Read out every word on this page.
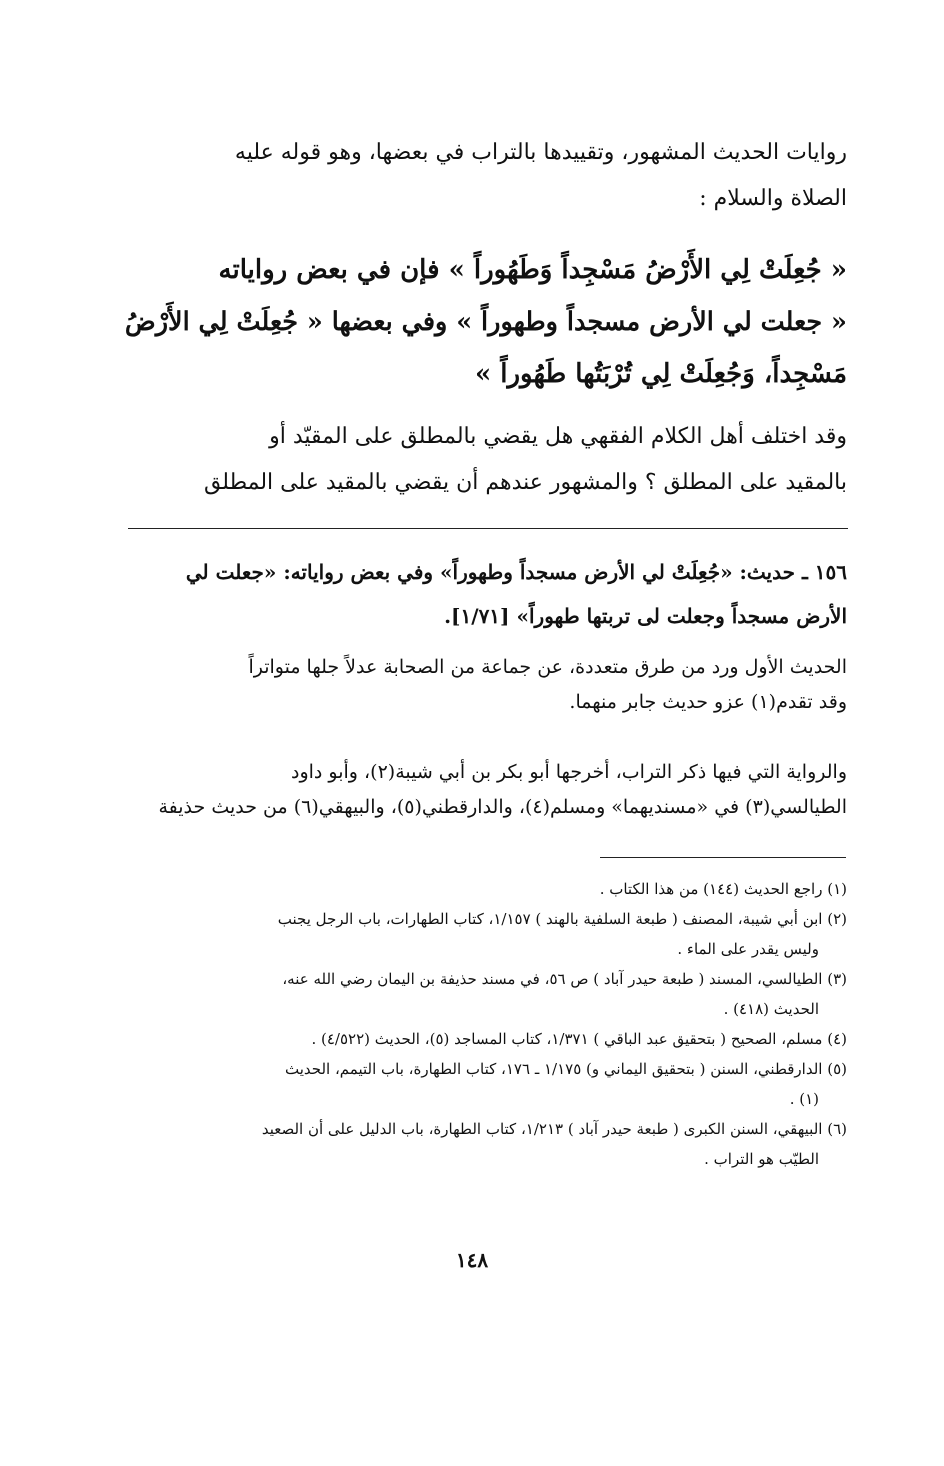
روايات الحديث المشهور، وتقييدها بالتراب في بعضها، وهو قوله عليه
الصلاة والسلام :
« جُعِلَتْ لِي الأَرْضُ مَسْجِداً وَطَهُوراً » فإن في بعض رواياته
« جعلت لي الأرض مسجداً وطهوراً » وفي بعضها « جُعِلَتْ لِي الأَرْضُ
مَسْجِداً، وَجُعِلَتْ لِي تُرْبَتُها طَهُوراً »
وقد اختلف أهل الكلام الفقهي هل يقضي بالمطلق على المقيّد أو
بالمقيد على المطلق ؟ والمشهور عندهم أن يقضي بالمقيد على المطلق
١٥٦ ـ حديث: «جُعِلَتْ لي الأرض مسجداً وطهوراً» وفي بعض رواياته: «جعلت لي
الأرض مسجداً وجعلت لى تربتها طهوراً» [١/٧١].
الحديث الأول ورد من طرق متعددة، عن جماعة من الصحابة عدلاً جلها متواتراً
وقد تقدم(١) عزو حديث جابر منهما.
والرواية التي فيها ذكر التراب، أخرجها أبو بكر بن أبي شيبة(٢)، وأبو داود
الطيالسي(٣) في «مسنديهما» ومسلم(٤)، والدارقطني(٥)، والبيهقي(٦) من حديث حذيفة
(١) راجع الحديث (١٤٤) من هذا الكتاب .
(٢) ابن أبي شيبة، المصنف ( طبعة السلفية بالهند ) ١/١٥٧، كتاب الطهارات، باب الرجل يجنب
وليس يقدر على الماء .
(٣) الطيالسي، المسند ( طبعة حيدر آباد ) ص ٥٦، في مسند حذيفة بن اليمان رضي الله عنه،
الحديث (٤١٨) .
(٤) مسلم، الصحيح ( بتحقيق عبد الباقي ) ١/٣٧١، كتاب المساجد (٥)، الحديث (٤/٥٢٢) .
(٥) الدارقطني، السنن ( بتحقيق اليماني و) ١/١٧٥ ـ ١٧٦، كتاب الطهارة، باب التيمم، الحديث
(١) .
(٦) البيهقي، السنن الكبرى ( طبعة حيدر آباد ) ١/٢١٣، كتاب الطهارة، باب الدليل على أن الصعيد
الطيّب هو التراب .
١٤٨
